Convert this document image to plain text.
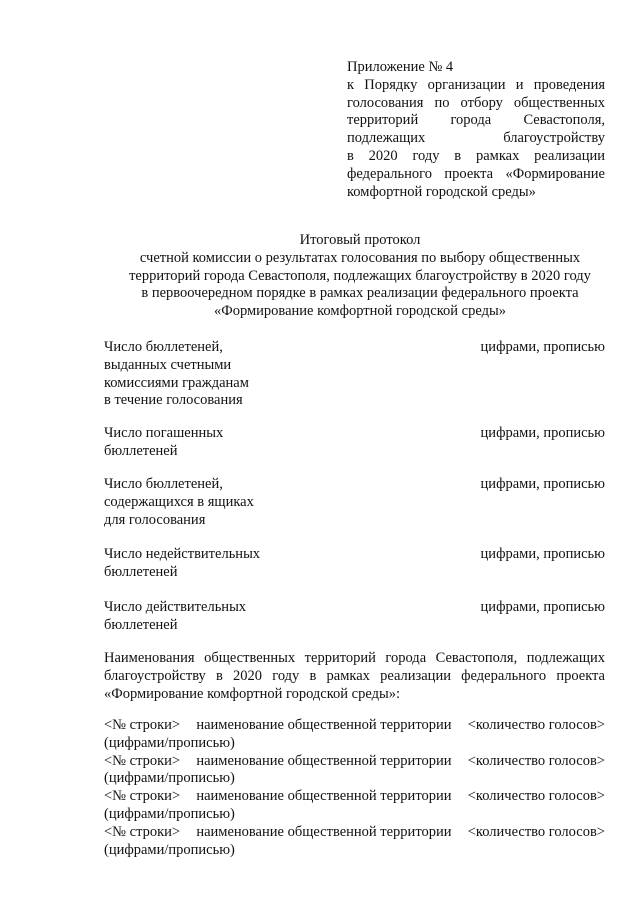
Приложение № 4
к Порядку организации и проведения
голосования по отбору общественных
территорий города Севастополя,
подлежащих благоустройству
в 2020 году в рамках реализации
федерального проекта «Формирование
комфортной городской среды»
Итоговый протокол
счетной комиссии о результатах голосования по выбору общественных
территорий города Севастополя, подлежащих благоустройству в 2020 году
в первоочередном порядке в рамках реализации федерального проекта
«Формирование комфортной городской среды»
Число бюллетеней,
выданных счетными
комиссиями гражданам
в течение голосования
цифрами, прописью
Число погашенных
бюллетеней
цифрами, прописью
Число бюллетеней,
содержащихся в ящиках
для голосования
цифрами, прописью
Число недействительных
бюллетеней
цифрами, прописью
Число действительных
бюллетеней
цифрами, прописью
Наименования общественных территорий города Севастополя, подлежащих благоустройству в 2020 году в рамках реализации федерального проекта «Формирование комфортной городской среды»:
<№ строки> наименование общественной территории <количество голосов>
(цифрами/прописью)
<№ строки> наименование общественной территории <количество голосов>
(цифрами/прописью)
<№ строки> наименование общественной территории <количество голосов>
(цифрами/прописью)
<№ строки> наименование общественной территории <количество голосов>
(цифрами/прописью)
